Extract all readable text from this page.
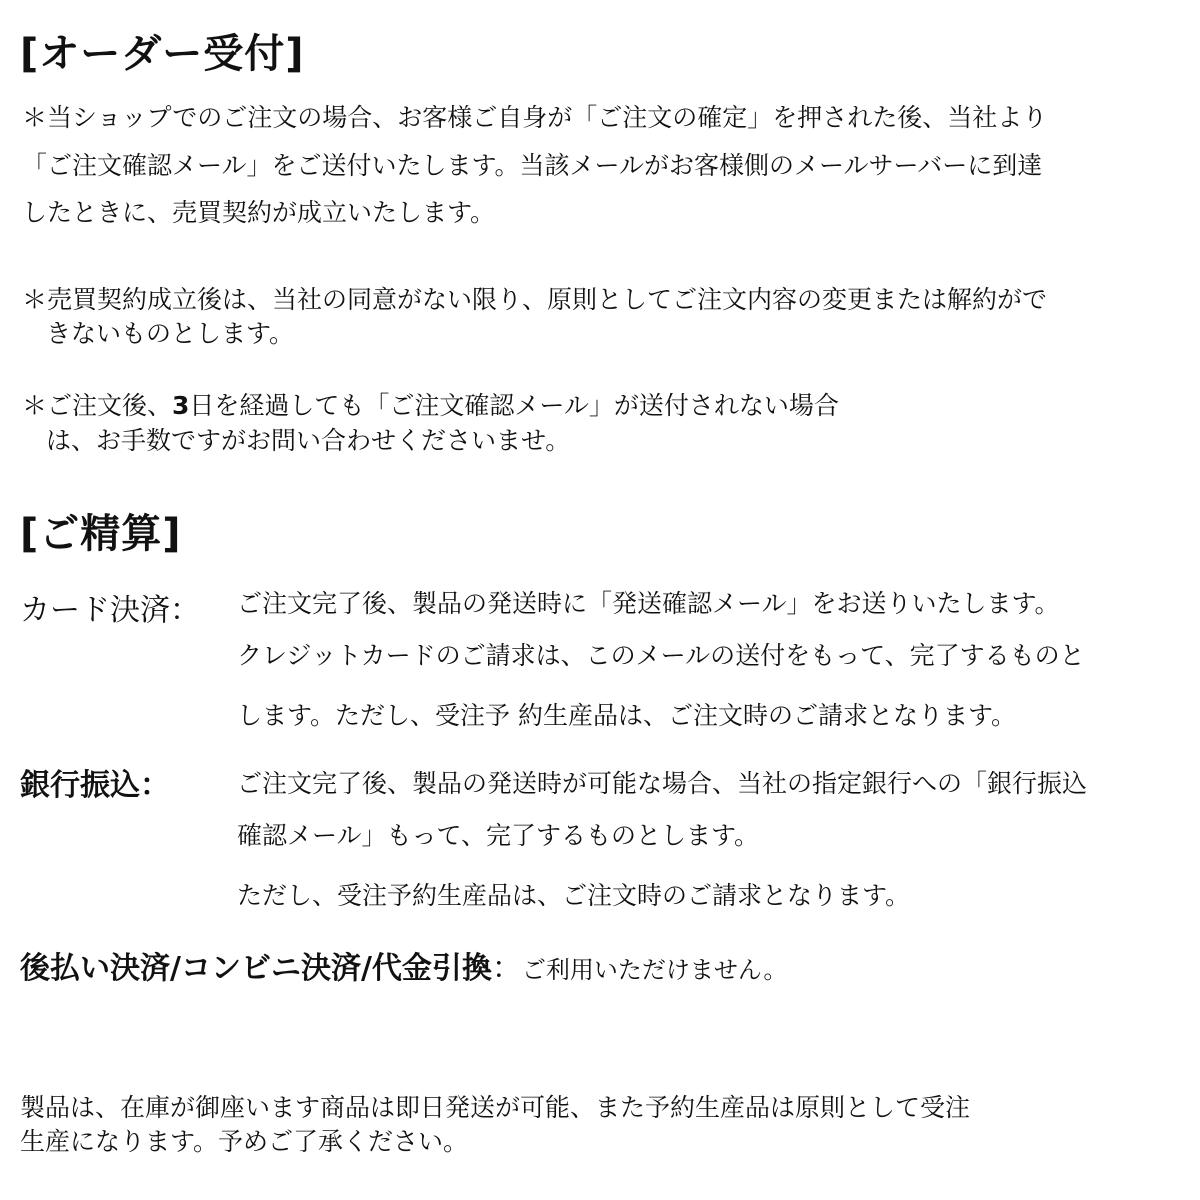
[オーダー受付]
＊当ショップでのご注文の場合、お客様ご自身が「ご注文の確定」を押された後、当社より
「ご注文確認メール」をご送付いたします。当該メールがお客様側のメールサーバーに到達
したときに、売買契約が成立いたします。
＊売買契約成立後は、当社の同意がない限り、原則としてご注文内容の変更または解約がで
きないものとします。
＊ご注文後、3日を経過しても「ご注文確認メール」が送付されない場合
は、お手数ですがお問い合わせくださいませ。
[ご精算]
カード決済： ご注文完了後、製品の発送時に「発送確認メール」をお送りいたします。
クレジットカードのご請求は、このメールの送付をもって、完了するものと
します。ただし、受注予 約生産品は、ご注文時のご請求となります。
銀行振込：	ご注文完了後、製品の発送時が可能な場合、当社の指定銀行への「銀行振込
確認メール」もって、完了するものとします。
ただし、受注予約生産品は、ご注文時のご請求となります。
後払い決済/コンビニ決済/代金引換：ご利用いただけません。
製品は、在庫が御座います商品は即日発送が可能、また予約生産品は原則として受注
生産になります。予めご了承ください。
